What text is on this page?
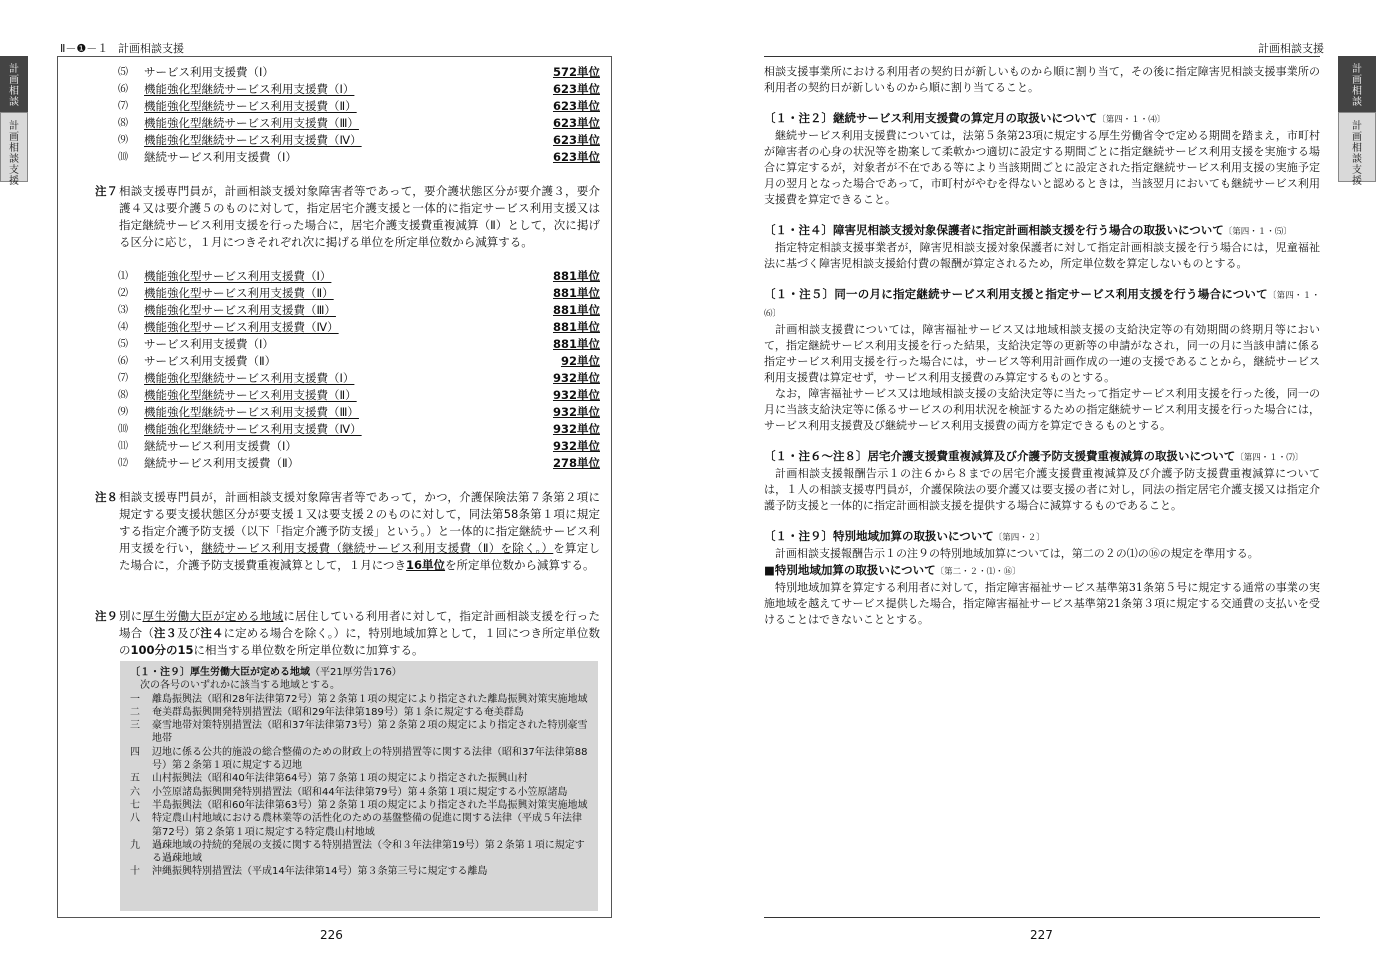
計画相談
計画相談支援
Ⅱ－❶－１ 計画相談支援
⑸ サービス利用支援費（Ⅰ）	572単位
⑹ 機能強化型継続サービス利用支援費（Ⅰ）	623単位
⑺ 機能強化型継続サービス利用支援費（Ⅱ）	623単位
⑻ 機能強化型継続サービス利用支援費（Ⅲ）	623単位
⑼ 機能強化型継続サービス利用支援費（Ⅳ）	623単位
⑽ 継続サービス利用支援費（Ⅰ）	623単位
注７ 相談支援専門員が，計画相談支援対象障害者等であって，要介護状態区分が要介護３，要介護４又は要介護５のものに対して，指定居宅介護支援と一体的に指定サービス利用支援又は指定継続サービス利用支援を行った場合に，居宅介護支援費重複減算（Ⅱ）として，次に掲げる区分に応じ，１月につきそれぞれ次に掲げる単位を所定単位数から減算する。
⑴ 機能強化型サービス利用支援費（Ⅰ）	881単位
⑵ 機能強化型サービス利用支援費（Ⅱ）	881単位
⑶ 機能強化型サービス利用支援費（Ⅲ）	881単位
⑷ 機能強化型サービス利用支援費（Ⅳ）	881単位
⑸ サービス利用支援費（Ⅰ）	881単位
⑹ サービス利用支援費（Ⅱ）	92単位
⑺ 機能強化型継続サービス利用支援費（Ⅰ）	932単位
⑻ 機能強化型継続サービス利用支援費（Ⅱ）	932単位
⑼ 機能強化型継続サービス利用支援費（Ⅲ）	932単位
⑽ 機能強化型継続サービス利用支援費（Ⅳ）	932単位
⑾ 継続サービス利用支援費（Ⅰ）	932単位
⑿ 継続サービス利用支援費（Ⅱ）	278単位
注８ 相談支援専門員が，計画相談支援対象障害者等であって，かつ，介護保険法第７条第２項に規定する要支援状態区分が要支援１又は要支援２のものに対して，同法第58条第１項に規定する指定介護予防支援（以下「指定介護予防支援」という。）と一体的に指定継続サービス利用支援を行い，継続サービス利用支援費（継続サービス利用支援費（Ⅱ）を除く。）を算定した場合に，介護予防支援費重複減算として，１月につき16単位を所定単位数から減算する。
注９ 別に厚生労働大臣が定める地域に居住している利用者に対して，指定計画相談支援を行った場合（注３及び注４に定める場合を除く。）に，特別地域加算として，１回につき所定単位数の100分の15に相当する単位数を所定単位数に加算する。
〔１・注９〕厚生労働大臣が定める地域（平21厚労告176）
次の各号のいずれかに該当する地域とする。
一 離島振興法（昭和28年法律第72号）第２条第１項の規定により指定された離島振興対策実施地域
二 奄美群島振興開発特別措置法（昭和29年法律第189号）第１条に規定する奄美群島
三 豪雪地帯対策特別措置法（昭和37年法律第73号）第２条第２項の規定により指定された特別豪雪地帯
四 辺地に係る公共的施設の総合整備のための財政上の特別措置等に関する法律（昭和37年法律第88号）第２条第１項に規定する辺地
五 山村振興法（昭和40年法律第64号）第７条第１項の規定により指定された振興山村
六 小笠原諸島振興開発特別措置法（昭和44年法律第79号）第４条第１項に規定する小笠原諸島
七 半島振興法（昭和60年法律第63号）第２条第１項の規定により指定された半島振興対策実施地域
八 特定農山村地域における農林業等の活性化のための基盤整備の促進に関する法律（平成５年法律第72号）第２条第１項に規定する特定農山村地域
九 過疎地域の持続的発展の支援に関する特別措置法（令和３年法律第19号）第２条第１項に規定する過疎地域
十 沖縄振興特別措置法（平成14年法律第14号）第３条第三号に規定する離島
226
計画相談支援
計画相談
計画相談支援

相談支援事業所における利用者の契約日が新しいものから順に割り当て，その後に指定障害児相談支援事業所の利用者の契約日が新しいものから順に割り当てること。

〔１・注２〕継続サービス利用支援費の算定月の取扱いについて〔第四・１・⑷〕

継続サービス利用支援費については，法第５条第23項に規定する厚生労働省令で定める期間を踏まえ，市町村が障害者の心身の状況等を勘案して柔軟かつ適切に設定する期間ごとに指定継続サービス利用支援を実施する場合に算定するが，対象者が不在である等により当該期間ごとに設定された指定継続サービス利用支援の実施予定月の翌月となった場合であって，市町村がやむを得ないと認めるときは，当該翌月においても継続サービス利用支援費を算定できること。

〔１・注４〕障害児相談支援対象保護者に指定計画相談支援を行う場合の取扱いについて〔第四・１・⑸〕

指定特定相談支援事業者が，障害児相談支援対象保護者に対して指定計画相談支援を行う場合には，児童福祉法に基づく障害児相談支援給付費の報酬が算定されるため，所定単位数を算定しないものとする。

〔１・注５〕同一の月に指定継続サービス利用支援と指定サービス利用支援を行う場合について〔第四・１・⑹〕

計画相談支援費については，障害福祉サービス又は地域相談支援の支給決定等の有効期間の終期月等において，指定継続サービス利用支援を行った結果，支給決定等の更新等の申請がなされ，同一の月に当該申請に係る指定サービス利用支援を行った場合には，サービス等利用計画作成の一連の支援であることから，継続サービス利用支援費は算定せず，サービス利用支援費のみ算定するものとする。

なお，障害福祉サービス又は地域相談支援の支給決定等に当たって指定サービス利用支援を行った後，同一の月に当該支給決定等に係るサービスの利用状況を検証するための指定継続サービス利用支援を行った場合には，サービス利用支援費及び継続サービス利用支援費の両方を算定できるものとする。

〔１・注６～注８〕居宅介護支援費重複減算及び介護予防支援費重複減算の取扱いについて〔第四・１・⑺〕

計画相談支援報酬告示１の注６から８までの居宅介護支援費重複減算及び介護予防支援費重複減算については，１人の相談支援専門員が，介護保険法の要介護又は要支援の者に対し，同法の指定居宅介護支援又は指定介護予防支援と一体的に指定計画相談支援を提供する場合に減算するものであること。

〔１・注９〕特別地域加算の取扱いについて〔第四・２〕

計画相談支援報酬告示１の注９の特別地域加算については，第二の２の⑴の⑯の規定を準用する。

■特別地域加算の取扱いについて〔第二・２・⑴・⑯〕

特別地域加算を算定する利用者に対して，指定障害福祉サービス基準第31条第５号に規定する通常の事業の実施地域を越えてサービス提供した場合，指定障害福祉サービス基準第21条第３項に規定する交通費の支払いを受けることはできないこととする。

227
